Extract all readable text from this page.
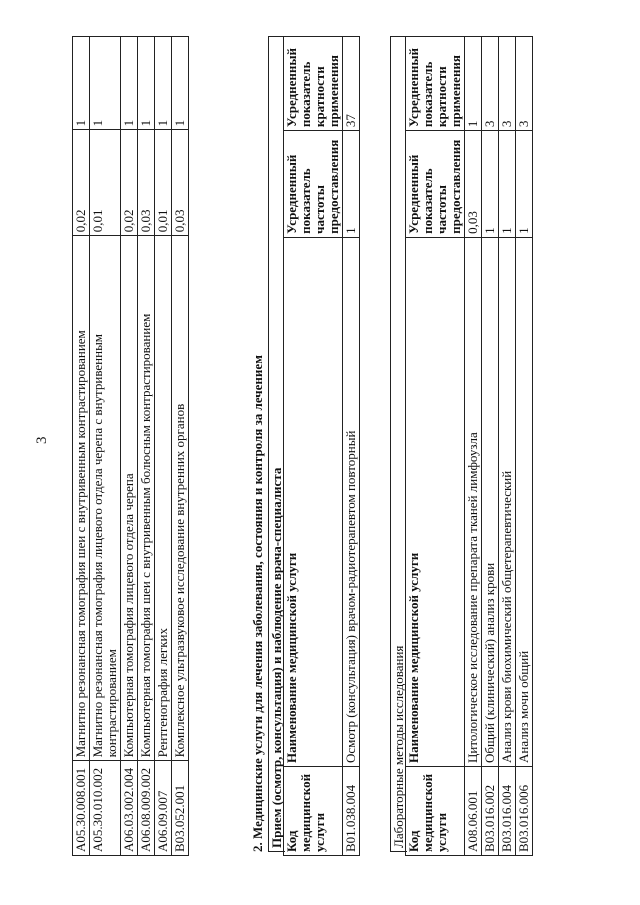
3
A05.30.008.001	Магнитно резонансная томография шеи с внутривенным контрастированием	0,02	1
A05.30.010.002	Магнитно резонансная томография лицевого отдела черепа с внутривенным контрастированием	0,01	1
A06.03.002.004	Компьютерная томография лицевого отдела черепа	0,02	1
A06.08.009.002	Компьютерная томография шеи с внутривенным болюсным контрастированием	0,03	1
A06.09.007	Рентгенография легких	0,01	1
B03.052.001	Комплексное ультразвуковое исследование внутренних органов	0,03	1
2. Медицинские услуги для лечения заболевания, состояния и контроля за лечением Прием (осмотр, консультация) и наблюдение врача-специалиста Код медицинской услуги	Наименование медицинской услуги	Усредненный показатель частоты предоставления	Усредненный показатель кратности применения
B01.038.004	Осмотр (консультация) врачом-радиотерапевтом повторный	1	37
Лабораторные методы исследования Код медицинской услуги	Наименование медицинской услуги	Усредненный показатель частоты предоставления	Усредненный показатель кратности применения
A08.06.001	Цитологическое исследование препарата тканей лимфоузла	0,03	1
B03.016.002	Общий (клинический) анализ крови	1	3
B03.016.004	Анализ крови биохимический общетерапевтический	1	3
B03.016.006	Анализ мочи общий	1	3
